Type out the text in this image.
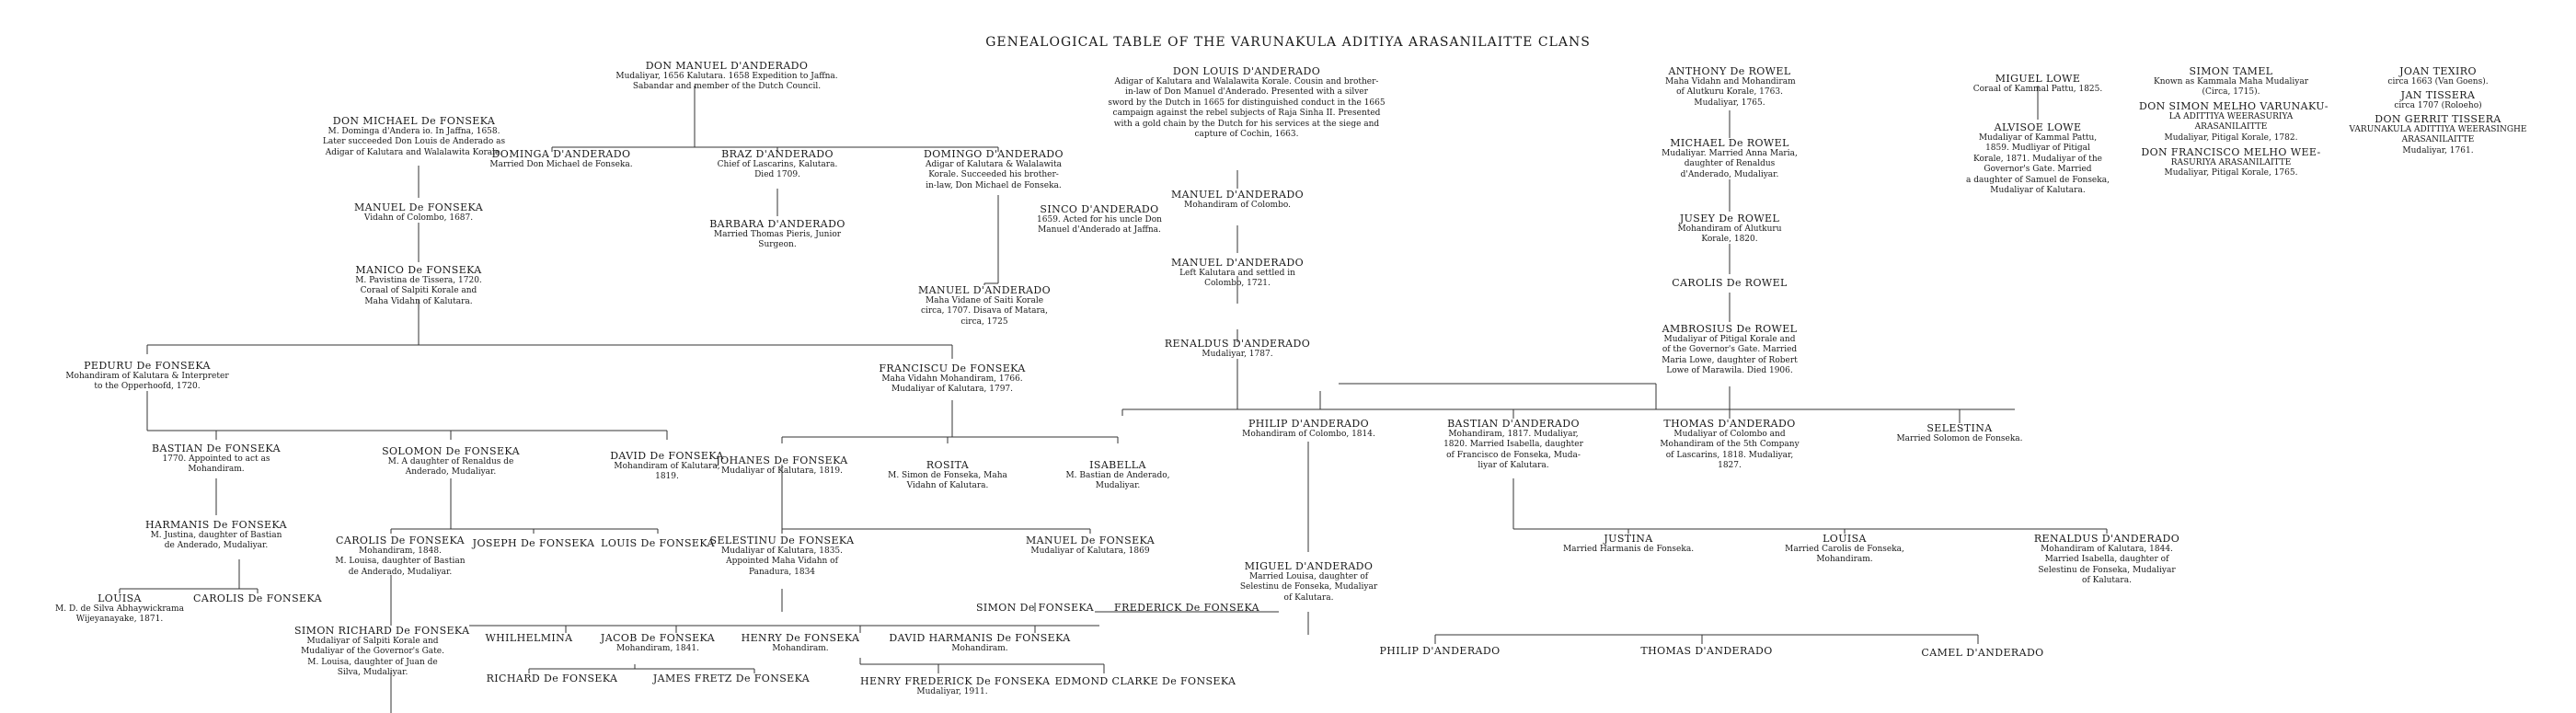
GENEALOGICAL TABLE OF THE VARUNAKULA ADITIYA ARASANILAITTE CLANS
DON MANUEL D'ANDERADO
Mudaliyar, 1656 Kalutara. 1658 Expedition to Jaffna.
Sabandar and member of the Dutch Council.
DON LOUIS D'ANDERADO
Adigar of Kalutara and Walalawita Korale. Cousin and brother-
in-law of Don Manuel d'Anderado. Presented with a silver
sword by the Dutch in 1665 for distinguished conduct in the 1665
campaign against the rebel subjects of Raja Sinha II. Presented
with a gold chain by the Dutch for his services at the siege and
capture of Cochin, 1663.
DON MICHAEL De FONSEKA
M. Dominga d'Andera io. In Jaffna, 1658.
Later succeeded Don Louis de Anderado as
Adigar of Kalutara and Walalawita Korale.
DOMINGA D'ANDERADO
Married Don Michael de Fonseka.
BRAZ D'ANDERADO
Chief of Lascarins, Kalutara.
Died 1709.
DOMINGO D'ANDERADO
Adigar of Kalutara & Walalawita
Korale. Succeeded his brother-
in-law, Don Michael de Fonseka.
SINCO D'ANDERADO
1659. Acted for his uncle Don
Manuel d'Anderado at Jaffna.
BARBARA D'ANDERADO
Married Thomas Pieris, Junior
Surgeon.
MANUEL D'ANDERADO
Mohandiram of Colombo.
MANUEL D'ANDERADO
Maha Vidane of Saiti Korale
circa, 1707. Disava of Matara,
circa, 1725
MANUEL D'ANDERADO
Left Kalutara and settled in
Colombo, 1721.
MANUEL De FONSEKA
Vidahn of Colombo, 1687.
MANICO De FONSEKA
M. Pavistina de Tissera, 1720.
Coraal of Salpiti Korale and
Maha Vidahn of Kalutara.
RENALDUS D'ANDERADO
Mudaliyar, 1787.
PEDURU De FONSEKA
Mohandiram of Kalutara & Interpreter
to the Opperhoofd, 1720.
FRANCISCU De FONSEKA
Maha Vidahn Mohandiram, 1766.
Mudaliyar of Kalutara, 1797.
PHILIP D'ANDERADO
Mohandiram of Colombo, 1814.
BASTIAN De FONSEKA
1770. Appointed to act as
Mohandiram.
SOLOMON De FONSEKA
M. A daughter of Renaldus de
Anderado, Mudaliyar.
DAVID De FONSEKA
Mohandiram of Kalutara,
1819.
JOHANES De FONSEKA
Mudaliyar of Kalutara, 1819.	ROSITA
M. Simon de Fonseka, Maha
Vidahn of Kalutara.
ISABELLA
M. Bastian de Anderado,
Mudaliyar.
HARMANIS De FONSEKA
M. Justina, daughter of Bastian
de Anderado, Mudaliyar.	CAROLIS De FONSEKA
Mohandiram, 1848.
M. Louisa, daughter of Bastian de Anderado, Mudaliyar.
JOSEPH De FONSEKA LOUIS De FONSEKA
SELESTINU De FONSEKA
Mudaliyar of Kalutara, 1835.
Appointed Maha Vidahn of
Panadura, 1834
MANUEL De FONSEKA
Mudaliyar of Kalutara, 1869
LOUISA
M. D. de Silva Abhaywickrama
Wijeyanayake, 1871.
CAROLIS De FONSEKA
SIMON RICHARD De FONSEKA
Mudaliyar of Salpiti Korale and
Mudaliyar of the Governor's Gate.
M. Louisa, daughter of Juan de
Silva, Mudaliyar.
SIMON De FONSEKA FREDERICK De FONSEKA
WHILHELMINA	JACOB De FONSEKA
Mohandiram, 1841.
HENRY De FONSEKA
Mohandiram.
DAVID HARMANIS De FONSEKA
Mohandiram.
RICHARD De FONSEKA	JAMES FRETZ De FONSEKA	HENRY FREDERICK De FONSEKA
Mudaliyar, 1911.
EDMOND CLARKE De FONSEKA
ANTHONY De ROWEL
Maha Vidahn and Mohandiram
of Alutkuru Korale, 1763.
Mudaliyar, 1765.
MICHAEL De ROWEL
Mudaliyar. Married Anna Maria,
daughter of Renaldus
d'Anderado, Mudaliyar.
JUSEY De ROWEL
Mohandiram of Alutkuru
Korale, 1820.
CAROLIS De ROWEL
AMBROSIUS De ROWEL
Mudaliyar of Pitigal Korale and
of the Governor's Gate. Married
Maria Lowe, daughter of Robert
Lowe of Marawila. Died 1906.
BASTIAN D'ANDERADO
Mohandiram, 1817. Mudaliyar,
1820. Married Isabella, daughter
of Francisco de Fonseka, Muda-
liyar of Kalutara.
THOMAS D'ANDERADO
Mudaliyar of Colombo and
Mohandiram of the 5th Company
of Lascarins, 1818. Mudaliyar,
1827.
SELESTINA
Married Solomon de Fonseka.
JUSTINA
Married Harmanis de Fonseka.
LOUISA
Married Carolis de Fonseka,
Mohandiram.
RENALDUS D'ANDERADO
Mohandiram of Kalutara, 1844.
Married Isabella, daughter of
Selestinu de Fonseka, Mudaliyar
of Kalutara.
MIGUEL D'ANDERADO
Married Louisa, daughter of
Selestinu de Fonseka, Mudaliyar
of Kalutara.
PHILIP D'ANDERADO	THOMAS D'ANDERADO	CAMEL D'ANDERADO
MIGUEL LOWE
Coraal of Kammal Pattu, 1825.
ALVISOE LOWE
Mudaliyar of Kammal Pattu,
1859. Mudliyar of Pitigal
Korale, 1871. Mudaliyar of the
Governor's Gate. Married
a daughter of Samuel de Fonseka,
Mudaliyar of Kalutara.
SIMON TAMEL
Known as Kammala Maha Mudaliyar
(Circa, 1715).
DON SIMON MELHO VARUNAKU-
LA ADITTIYA WEERASURIYA
ARASANILAITTE
Mudaliyar, Pitigal Korale, 1782.
DON FRANCISCO MELHO WEE-
RASURIYA ARASANILAITTE
Mudaliyar, Pitigal Korale, 1765.
JOAN TEXIRO
circa 1663 (Van Goens).
JAN TISSERA
circa 1707 (Roloeho)
DON GERRIT TISSERA
VARUNAKULA ADITTIYA WEERASINGHE
ARASANILAITTE
Mudaliyar, 1761.
